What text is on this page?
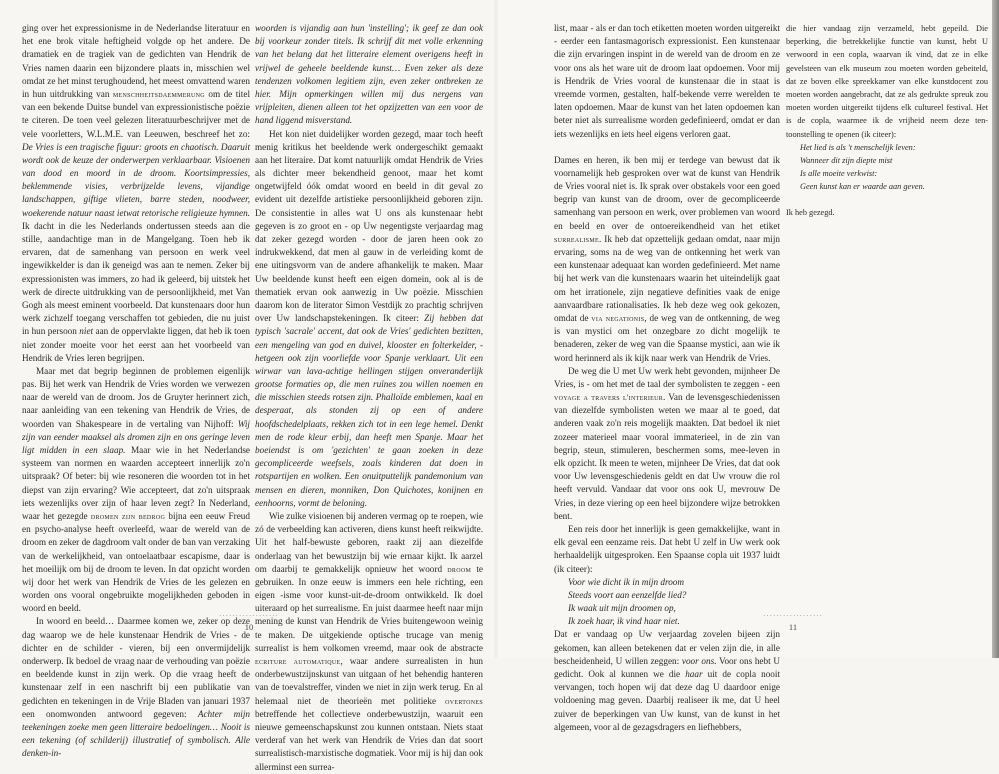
ging over het expressionisme in de Nederlandse literatuur en het ene brok vitale heftigheid volgde op het andere. De dramatiek en de tragiek van de gedichten van Hendrik de Vries namen daarin een bijzondere plaats in, misschien wel omdat ze het minst terughoudend, het meest omvattend waren in hun uitdrukking van menschheitsdaemmerung om de titel van een bekende Duitse bundel van expressionistische poëzie te citeren. De toen veel gelezen literatuurbeschrijver met de vele voorletters, W.L.M.E. van Leeuwen, beschreef het zo: De Vries is een tragische figuur: groots en chaotisch. Daaruit wordt ook de keuze der onderwerpen verklaarbaar. Visioenen van dood en moord in de droom. Koortsimpressies, beklemmende visies, verbrijzelde levens, vijandige landschappen, giftige vlieten, barre steden, noodweer, woekerende natuur naast ietwat retorische religieuze hymnen. Ik dacht in die les Nederlands ondertussen steeds aan die stille, aandachtige man in de Mangelgang. Toen heb ik ervaren, dat de samenhang van persoon en werk veel ingewikkelder is dan ik geneigd was aan te nemen. Zeker bij expressionisten was immers, zo had ik geleerd, bij uitstek het werk de directe uitdrukking van de persoonlijkheid, met Van Gogh als meest eminent voorbeeld. Dat kunstenaars door hun werk zichzelf toegang verschaffen tot gebieden, die nu juist in hun persoon niet aan de oppervlakte liggen, dat heb ik toen niet zonder moeite voor het eerst aan het voorbeeld van Hendrik de Vries leren begrijpen.

Maar met dat begrip beginnen de problemen eigenlijk pas. Bij het werk van Hendrik de Vries worden we verwezen naar de wereld van de droom. Jos de Gruyter herinnert zich, naar aanleiding van een tekening van Hendrik de Vries, de woorden van Shakespeare in de vertaling van Nijhoff: Wij zijn van eender maaksel als dromen zijn en ons geringe leven ligt midden in een slaap. Maar wie in het Nederlandse systeem van normen en waarden accepteert innerlijk zo'n uitspraak? Of beter: bij wie resoneren die woorden tot in het diepst van zijn ervaring? Wie accepteert, dat zo'n uitspraak iets wezenlijks over zijn of haar leven zegt? In Nederland, waar het gezegde dromen zijn bedrog bijna een eeuw Freud en psycho-analyse heeft overleefd, waar de wereld van de droom en zeker de dagdroom valt onder de ban van verzaking van de werkelijkheid, van ontoelaatbaar escapisme, daar is het moeilijk om bij de droom te leven. In dat opzicht worden wij door het werk van Hendrik de Vries de les gelezen en worden ons vooral ongebruikte mogelijkheden geboden in woord en beeld.

In woord en beeld… Daarmee komen we, zeker op deze dag waarop we de hele kunstenaar Hendrik de Vries - de dichter en de schilder - vieren, bij een onvermijdelijk onderwerp. Ik bedoel de vraag naar de verhouding van poëzie en beeldende kunst in zijn werk. Op die vraag heeft de kunstenaar zelf in een naschrift bij een publikatie van gedichten en tekeningen in de Vrije Bladen van januari 1937 een onomwonden antwoord gegeven: Achter mijn teekeningen zoeke men geen litteraire bedoelingen… Nooit is een tekening (of schilderij) illustratief of symbolisch. Alle denken-in-

woorden is vijandig aan hun 'instelling'; ik geef ze dan ook bij voorkeur zonder titels. Ik schrijf dit met volle erkenning van het belang dat het litteraire element overigens heeft in vrijwel de geheele beeldende kunst… Even zeker als deze tendenzen volkomen legitiem zijn, even zeker ontbreken ze hier. Mijn opmerkingen willen mij dus nergens van vrijpleiten, dienen alleen tot het opzijzetten van een voor de hand liggend misverstand.

Het kon niet duidelijker worden gezegd, maar toch heeft menig kritikus het beeldende werk ondergeschikt gemaakt aan het literaire. Dat komt natuurlijk omdat Hendrik de Vries als dichter meer bekendheid genoot, maar het komt ongetwijfeld óók omdat woord en beeld in dit geval zo evident uit dezelfde artistieke persoonlijkheid geboren zijn. De consistentie in alles wat U ons als kunstenaar hebt gegeven is zo groot en - op Uw negentigste verjaardag mag dat zeker gezegd worden - door de jaren heen ook zo indrukwekkend, dat men al gauw in de verleiding komt de ene uitingsvorm van de andere afhankelijk te maken. Maar Uw beeldende kunst heeft een eigen domein, ook al is de thematiek ervan ook aanwezig in Uw poëzie. Misschien daarom kon de literator Simon Vestdijk zo prachtig schrijven over Uw landschapstekeningen. Ik citeer: Zij hebben dat typisch 'sacrale' accent, dat ook de Vries' gedichten bezitten, een mengeling van god en duivel, klooster en folterkelder, - hetgeen ook zijn voorliefde voor Spanje verklaart. Uit een wirwar van lava-achtige hellingen stijgen onveranderlijk grootse formaties op, die men ruïnes zou willen noemen en die misschien steeds rotsen zijn. Phalloïde emblemen, kaal en desperaat, als stonden zij op een of andere hoofdschedelplaats, rekken zich tot in een lege hemel. Denkt men de rode kleur erbij, dan heeft men Spanje. Maar het boeiendst is om 'gezichten' te gaan zoeken in deze gecompliceerde weefsels, zoals kinderen dat doen in rotspartijen en wolken. Een onuitputtelijk pandemonium van mensen en dieren, monniken, Don Quichotes, konijnen en eenhoorns, vormt de beloning.

Wie zulke visioenen bij anderen vermag op te roepen, wie zó de verbeelding kan activeren, diens kunst heeft reikwijdte. Uit het half-bewuste geboren, raakt zij aan diezelfde onderlaag van het bewustzijn bij wie ernaar kijkt. Ik aarzel om daarbij te gemakkelijk opnieuw het woord droom te gebruiken. In onze eeuw is immers een hele richting, een eigen -isme voor kunst-uit-de-droom ontwikkeld. Ik doel uiteraard op het surrealisme. En juist daarmee heeft naar mijn mening de kunst van Hendrik de Vries buitengewoon weinig te maken. De uitgekiende optische trucage van menig surrealist is hem volkomen vreemd, maar ook de abstracte ecriture automatique, waar andere surrealisten in hun onderbewustzijnskunst van uitgaan of het behendig hanteren van de toevalstreffer, vinden we niet in zijn werk terug. En al helemaal niet de theorieën met politieke overtones betreffende het collectieve onderbewustzijn, waaruit een nieuwe gemeenschapskunst zou kunnen ontstaan. Niets staat verderaf van het werk van Hendrik de Vries dan dat soort surrealistisch-marxistische dogmatiek. Voor mij is hij dan ook allerminst een surrea-

··················
10

list, maar - als er dan toch etiketten moeten worden uitgereikt - eerder een fantasmagorisch expressionist. Een kunstenaar die zijn ervaringen inspint in de wereld van de droom en ze voor ons als het ware uit de droom laat opdoemen. Voor mij is Hendrik de Vries vooral de kunstenaar die in staat is vreemde vormen, gestalten, half-bekende verre werelden te laten opdoemen. Maar de kunst van het laten opdoemen kan beter niet als surrealisme worden gedefinieerd, omdat er dan iets wezenlijks en iets heel eigens verloren gaat.

Dames en heren, ik ben mij er terdege van bewust dat ik voornamelijk heb gesproken over wat de kunst van Hendrik de Vries vooral niet is. Ik sprak over obstakels voor een goed begrip van kunst van de droom, over de gecompliceerde samenhang van persoon en werk, over problemen van woord en beeld en over de ontoereikendheid van het etiket surrealisme. Ik heb dat opzettelijk gedaan omdat, naar mijn ervaring, soms na de weg van de ontkenning het werk van een kunstenaar adequaat kan worden gedefinieerd. Met name bij het werk van die kunstenaars waarin het uiteindelijk gaat om het irrationele, zijn negatieve definities vaak de enige aanvaardbare rationalisaties. Ik heb deze weg ook gekozen, omdat de via negationis, de weg van de ontkenning, de weg is van mystici om het onzegbare zo dicht mogelijk te benaderen, zeker de weg van die Spaanse mystici, aan wie ik word herinnerd als ik kijk naar werk van Hendrik de Vries.

De weg die U met Uw werk hebt gevonden, mijnheer De Vries, is - om het met de taal der symbolisten te zeggen - een voyage a travers l'interieur. Van de levensgeschiedenissen van diezelfde symbolisten weten we maar al te goed, dat anderen vaak zo'n reis mogelijk maakten. Dat bedoel ik niet zozeer materieel maar vooral immaterieel, in de zin van begrip, steun, stimuleren, beschermen soms, mee-leven in elk opzicht. Ik meen te weten, mijnheer De Vries, dat dat ook voor Uw levensgeschiedenis geldt en dat Uw vrouw die rol heeft vervuld. Vandaar dat voor ons ook U, mevrouw De Vries, in deze viering op een heel bijzondere wijze betrokken bent.

Een reis door het innerlijk is geen gemakkelijke, want in elk geval een eenzame reis. Dat hebt U zelf in Uw werk ook herhaaldelijk uitgesproken. Een Spaanse copla uit 1937 luidt (ik citeer):

Voor wie dicht ik in mijn droom
Steeds voort aan eenzelfde lied?
Ik waak uit mijn droomen op,
Ik zoek haar, ik vind haar niet.

Dat er vandaag op Uw verjaardag zovelen bijeen zijn gekomen, kan alleen betekenen dat er velen zijn die, in alle bescheidenheid, U willen zeggen: voor ons. Voor ons hebt U gedicht. Ook al kunnen we die haar uit de copla nooit vervangen, toch hopen wij dat deze dag U daardoor enige voldoening mag geven. Daarbij realiseer ik me, dat U heel zuiver de beperkingen van Uw kunst, van de kunst in het algemeen, voor al de gezagsdragers en liefhebbers,

die hier vandaag zijn verzameld, hebt gepeild. Die beperking, die betrekkelijke functie van kunst, hebt U verwoord in een copla, waarvan ik vind, dat ze in elke gevelsteen van elk museum zou moeten worden gebeiteld, dat ze boven elke spreekkamer van elke kunstdocent zou moeten worden aangebracht, dat ze als gedrukte spreuk zou moeten worden uitgereikt tijdens elk cultureel festival. Het is de copla, waarmee ik de vrijheid neem deze tentoonstelling te openen (ik citeer):

Het lied is als 't menschelijk leven:
Wanneer dit zijn diepte mist
Is alle moeite verkwist:
Geen kunst kan er waarde aan geven.

Ik heb gezegd.

··················
11
